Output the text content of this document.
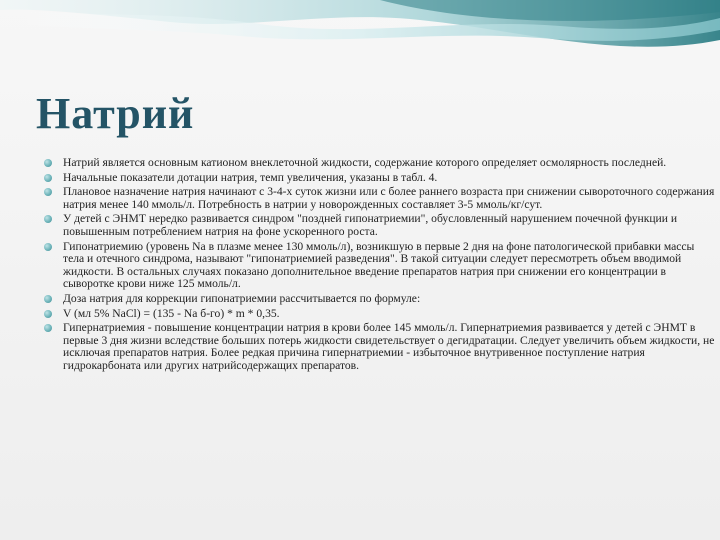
Натрий
Натрий является основным катионом внеклеточной жидкости, содержание которого определяет осмолярность последней.
Начальные показатели дотации натрия, темп увеличения, указаны в табл. 4.
Плановое назначение натрия начинают с 3-4-х суток жизни или с более раннего возраста при снижении сывороточного содержания натрия менее 140 ммоль/л. Потребность в натрии у новорожденных составляет 3-5 ммоль/кг/сут.
У детей с ЭНМТ нередко развивается синдром "поздней гипонатриемии", обусловленный нарушением почечной функции и повышенным потреблением натрия на фоне ускоренного роста.
Гипонатриемию (уровень Na в плазме менее 130 ммоль/л), возникшую в первые 2 дня на фоне патологической прибавки массы тела и отечного синдрома, называют "гипонатриемией разведения". В такой ситуации следует пересмотреть объем вводимой жидкости. В остальных случаях показано дополнительное введение препаратов натрия при снижении его концентрации в сыворотке крови ниже 125 ммоль/л.
Доза натрия для коррекции гипонатриемии рассчитывается по формуле:
V (мл 5% NaCl) = (135 - Na б-го) * m * 0,35.
Гипернатриемия - повышение концентрации натрия в крови более 145 ммоль/л. Гипернатриемия развивается у детей с ЭНМТ в первые 3 дня жизни вследствие больших потерь жидкости свидетельствует о дегидратации. Следует увеличить объем жидкости, не исключая препаратов натрия. Более редкая причина гипернатриемии - избыточное внутривенное поступление натрия гидрокарбоната или других натрийсодержащих препаратов.
